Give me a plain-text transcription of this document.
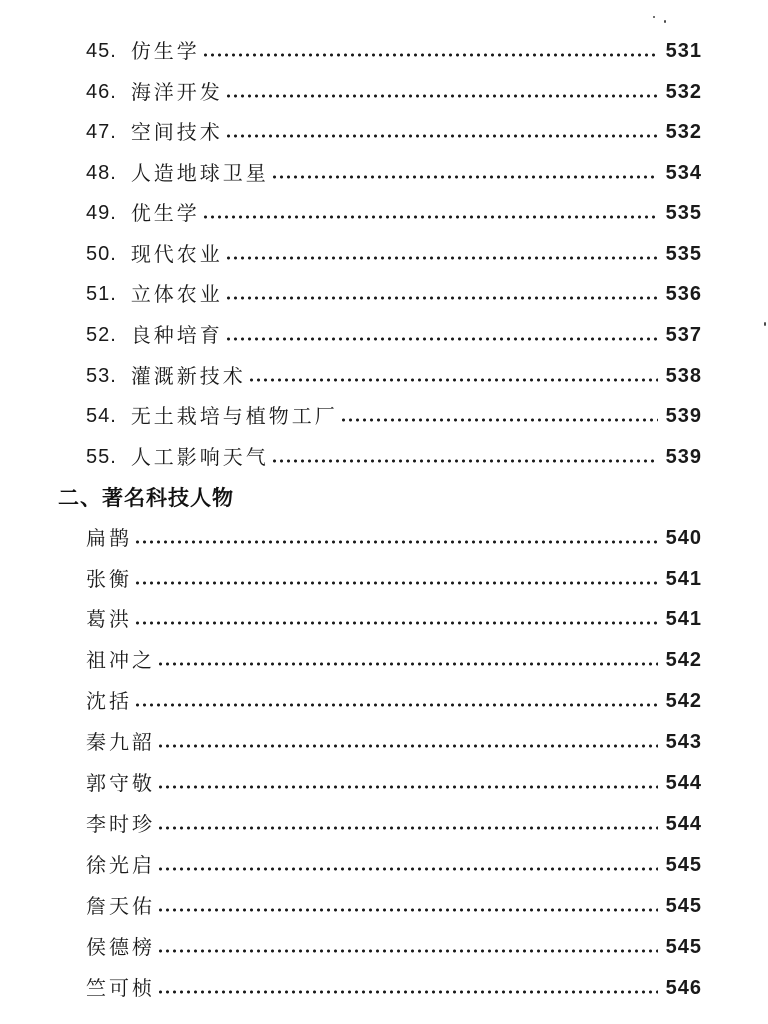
45. 仿生学	531
46. 海洋开发	532
47. 空间技术	532
48. 人造地球卫星	534
49. 优生学	535
50. 现代农业	535
51. 立体农业	536
52. 良种培育	537
53. 灌溉新技术	538
54. 无土栽培与植物工厂	539
55. 人工影响天气	539
二、著名科技人物
扁鹊	540
张衡	541
葛洪	541
祖冲之	542
沈括	542
秦九韶	543
郭守敬	544
李时珍	544
徐光启	545
詹天佑	545
侯德榜	545
竺可桢	546
